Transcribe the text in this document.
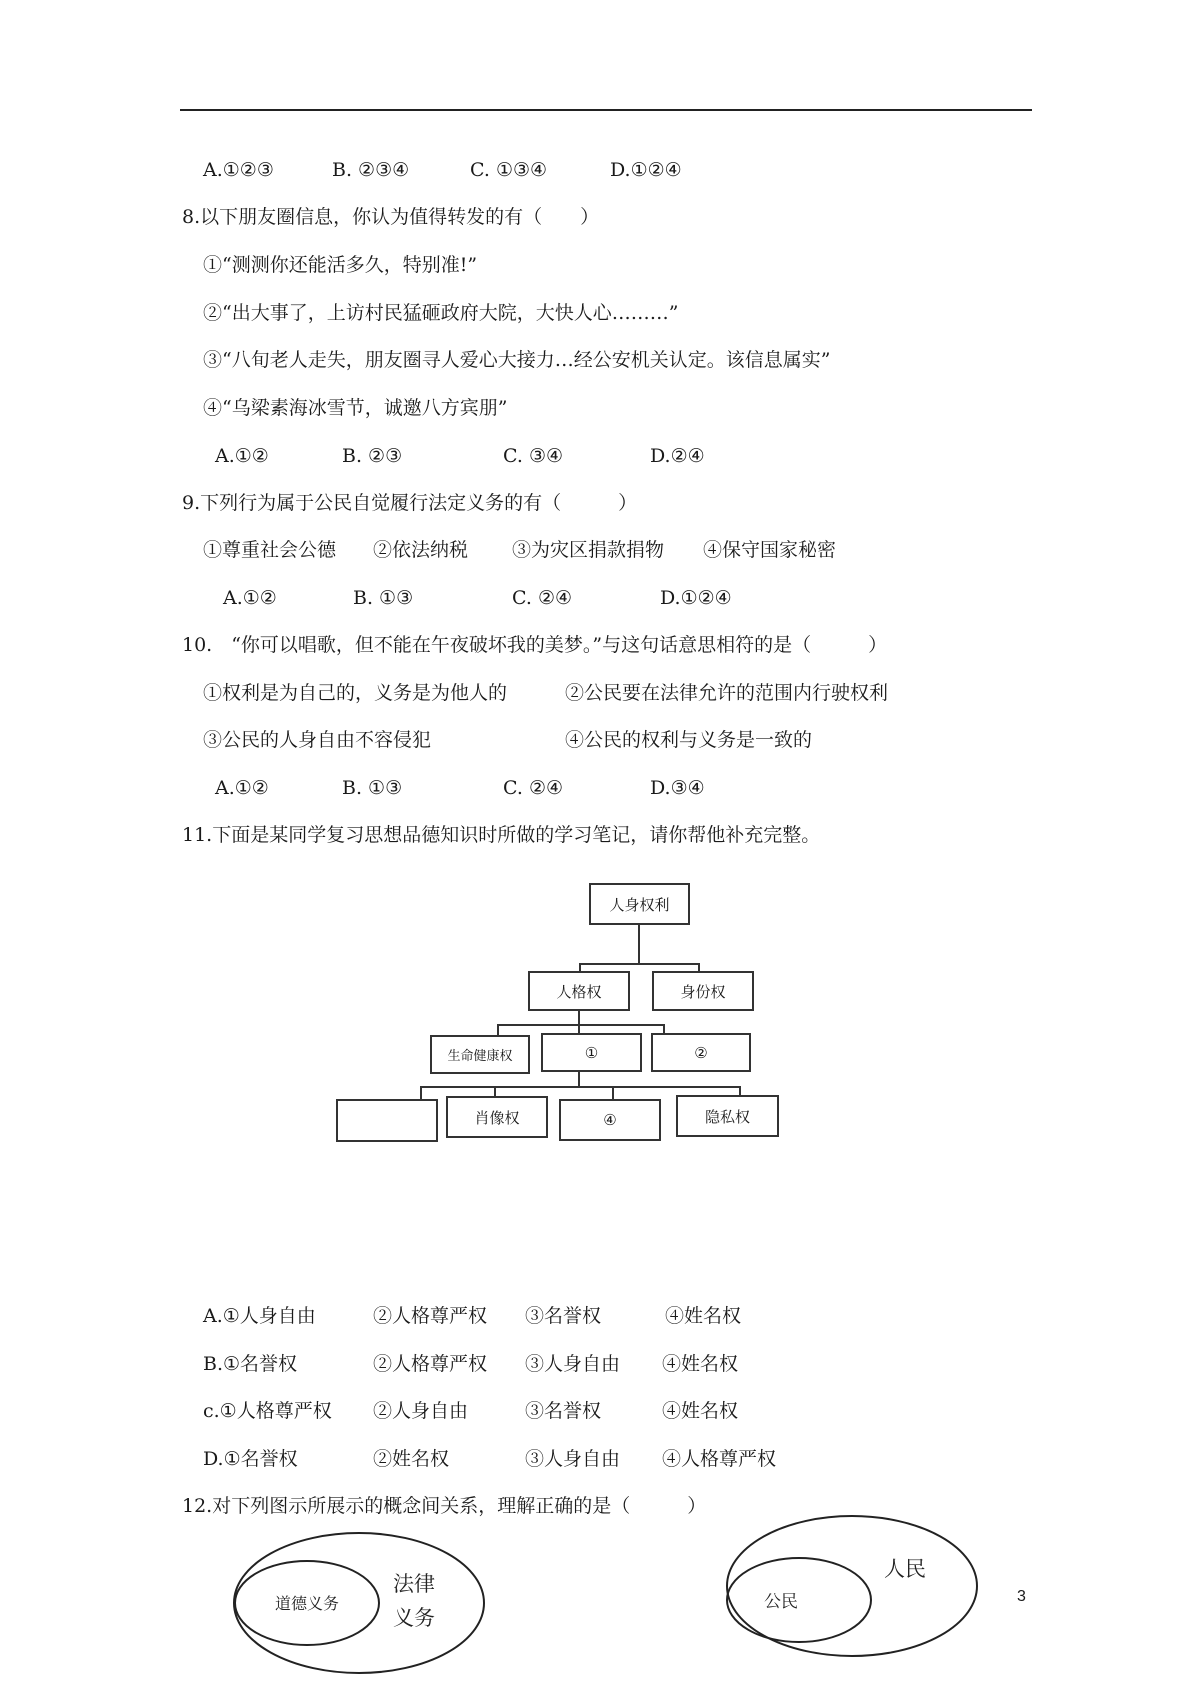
A.①②③	B. ②③④	C. ①③④	D.①②④
8.以下朋友圈信息，你认为值得转发的有（　　）
①“测测你还能活多久，特别准!”
②“出大事了，上访村民猛砸政府大院，大快人心………”
③“八旬老人走失，朋友圈寻人爱心大接力…经公安机关认定。该信息属实”
④“乌梁素海冰雪节，诚邀八方宾朋”
A.①②	B. ②③	C. ③④	D.②④
9.下列行为属于公民自觉履行法定义务的有（　　　）
①尊重社会公德 ②依法纳税 ③为灾区捐款捐物 ④保守国家秘密
A.①②	B. ①③	C. ②④	D.①②④
10.　“你可以唱歌，但不能在午夜破坏我的美梦。”与这句话意思相符的是（　　　）
①权利是为自己的，义务是为他人的	②公民要在法律允许的范围内行驶权利
③公民的人身自由不容侵犯	④公民的权利与义务是一致的
A.①②	B. ①③	C. ②④	D.③④
11.下面是某同学复习思想品德知识时所做的学习笔记，请你帮他补充完整。
人身权利
人格权	身份权
生命健康权	①	②
肖像权	④	隐私权
A.①人身自由	②人格尊严权 ③名誉权	④姓名权
B.①名誉权	②人格尊严权 ③人身自由 ④姓名权
c.①人格尊严权 ②人身自由	③名誉权	④姓名权
D.①名誉权	②姓名权	③人身自由 ④人格尊严权
12.对下列图示所展示的概念间关系，理解正确的是（　　　）
道德义务
法律
义务
公民
人民
3
